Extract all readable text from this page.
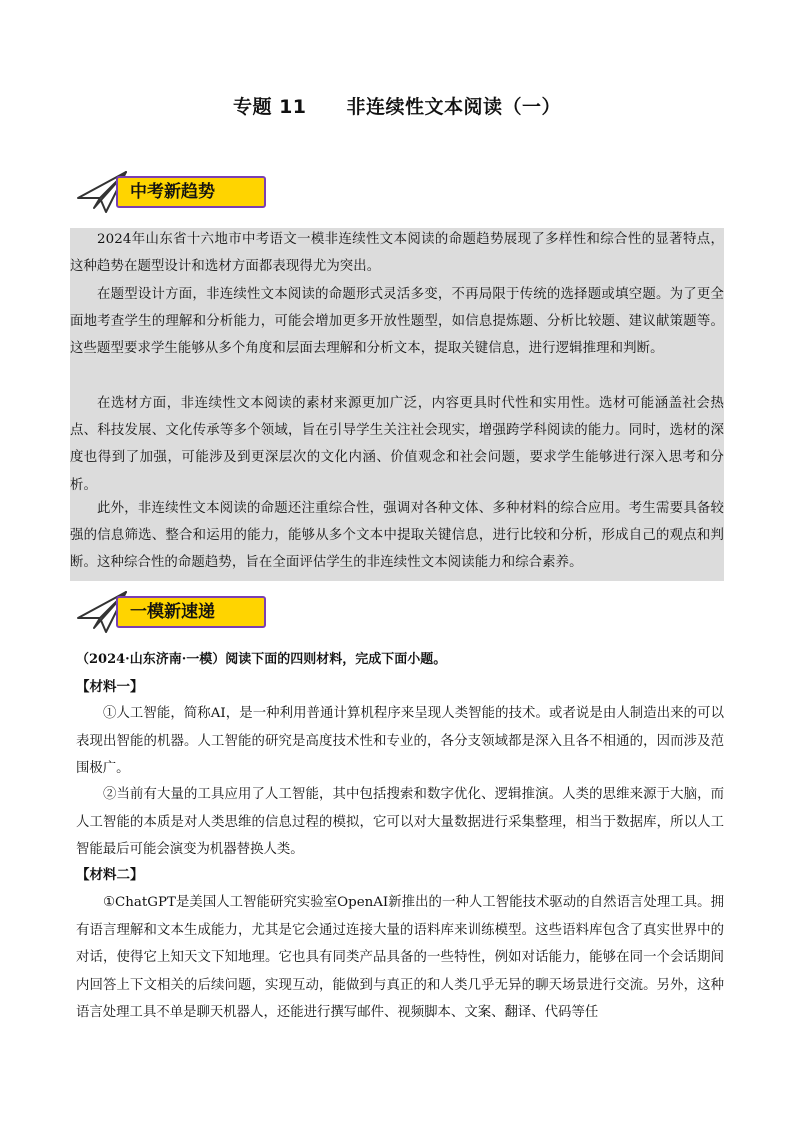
专题 11 非连续性文本阅读（一）
中考新趋势

2024年山东省十六地市中考语文一模非连续性文本阅读的命题趋势展现了多样性和综合性的显著特点，这种趋势在题型设计和选材方面都表现得尤为突出。

在题型设计方面，非连续性文本阅读的命题形式灵活多变，不再局限于传统的选择题或填空题。为了更全面地考查学生的理解和分析能力，可能会增加更多开放性题型，如信息提炼题、分析比较题、建议献策题等。这些题型要求学生能够从多个角度和层面去理解和分析文本，提取关键信息，进行逻辑推理和判断。

在选材方面，非连续性文本阅读的素材来源更加广泛，内容更具时代性和实用性。选材可能涵盖社会热点、科技发展、文化传承等多个领域，旨在引导学生关注社会现实，增强跨学科阅读的能力。同时，选材的深度也得到了加强，可能涉及到更深层次的文化内涵、价值观念和社会问题，要求学生能够进行深入思考和分析。

此外，非连续性文本阅读的命题还注重综合性，强调对各种文体、多种材料的综合应用。考生需要具备较强的信息筛选、整合和运用的能力，能够从多个文本中提取关键信息，进行比较和分析，形成自己的观点和判断。这种综合性的命题趋势，旨在全面评估学生的非连续性文本阅读能力和综合素养。

一模新速递
（2024·山东济南·一模）阅读下面的四则材料，完成下面小题。
【材料一】

①人工智能，简称AI，是一种利用普通计算机程序来呈现人类智能的技术。或者说是由人制造出来的可以表现出智能的机器。人工智能的研究是高度技术性和专业的，各分支领域都是深入且各不相通的，因而涉及范围极广。

②当前有大量的工具应用了人工智能，其中包括搜索和数字优化、逻辑推演。人类的思维来源于大脑，而人工智能的本质是对人类思维的信息过程的模拟，它可以对大量数据进行采集整理，相当于数据库，所以人工智能最后可能会演变为机器替换人类。

【材料二】

①ChatGPT是美国人工智能研究实验室OpenAI新推出的一种人工智能技术驱动的自然语言处理工具。拥有语言理解和文本生成能力，尤其是它会通过连接大量的语料库来训练模型。这些语料库包含了真实世界中的对话，使得它上知天文下知地理。它也具有同类产品具备的一些特性，例如对话能力，能够在同一个会话期间内回答上下文相关的后续问题，实现互动，能做到与真正的和人类几乎无异的聊天场景进行交流。另外，这种语言处理工具不单是聊天机器人，还能进行撰写邮件、视频脚本、文案、翻译、代码等任
